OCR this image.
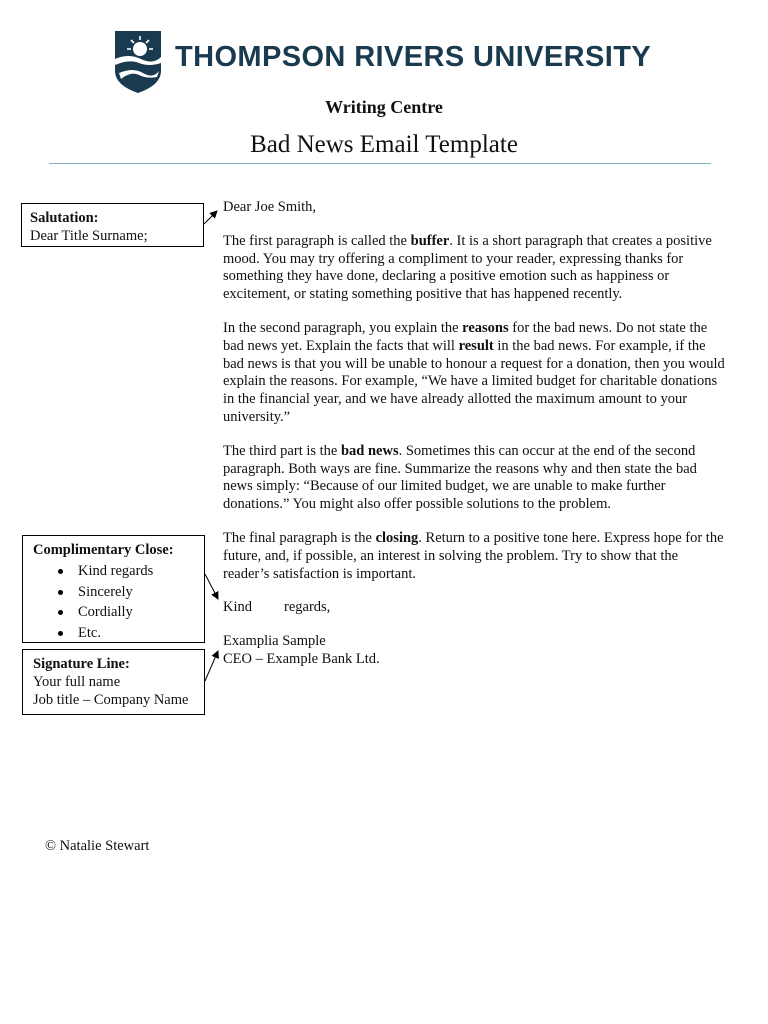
THOMPSON RIVERS UNIVERSITY
Writing Centre
Bad News Email Template
Salutation:
Dear Title Surname;
Complimentary Close:
Kind regards
Sincerely
Cordially
Etc.
Signature Line:
Your full name
Job title – Company Name

Dear Joe Smith,

The first paragraph is called the buffer. It is a short paragraph that creates a positive mood. You may try offering a compliment to your reader, expressing thanks for something they have done, declaring a positive emotion such as happiness or excitement, or stating something positive that has happened recently.

In the second paragraph, you explain the reasons for the bad news. Do not state the bad news yet. Explain the facts that will result in the bad news. For example, if the bad news is that you will be unable to honour a request for a donation, then you would explain the reasons. For example, “We have a limited budget for charitable donations in the financial year, and we have already allotted the maximum amount to your university.”

The third part is the bad news. Sometimes this can occur at the end of the second paragraph. Both ways are fine. Summarize the reasons why and then state the bad news simply: “Because of our limited budget, we are unable to make further donations.” You might also offer possible solutions to the problem.

The final paragraph is the closing. Return to a positive tone here. Express hope for the future, and, if possible, an interest in solving the problem. Try to show that the reader’s satisfaction is important.

Kind regards,

Examplia Sample

CEO – Example Bank Ltd.

© Natalie Stewart
